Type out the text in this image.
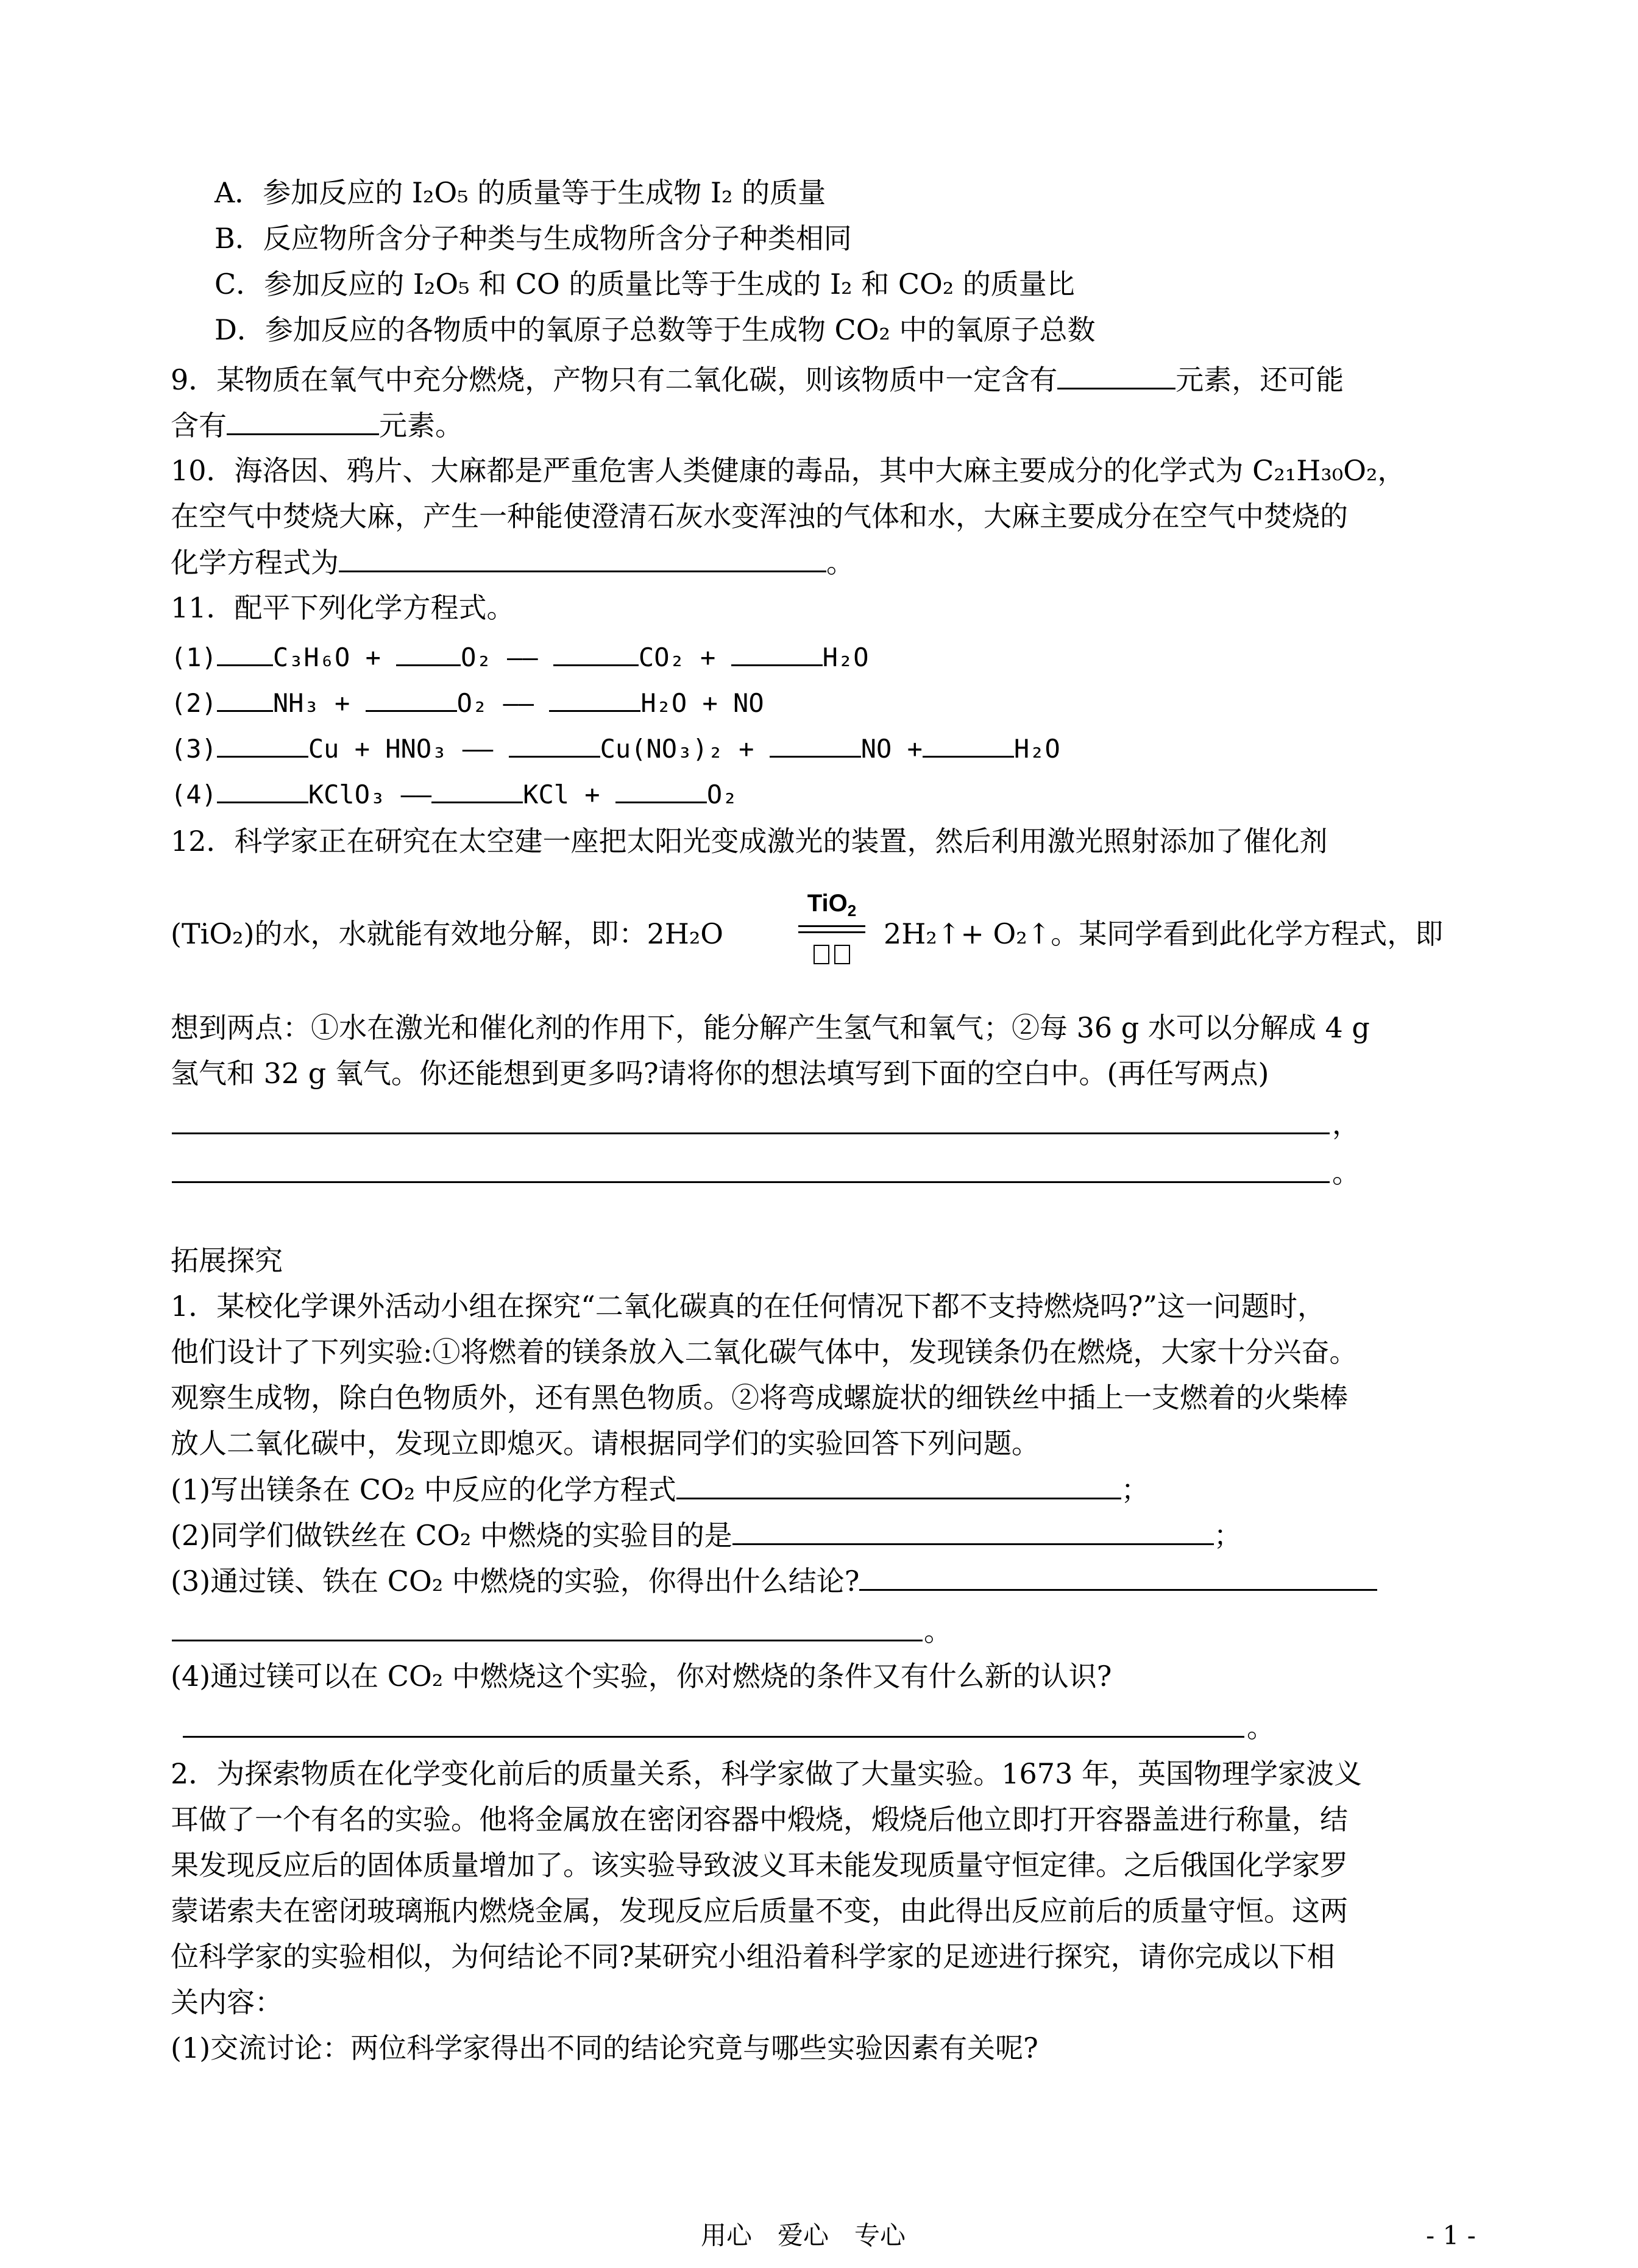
A．参加反应的 I₂O₅ 的质量等于生成物 I₂ 的质量
B．反应物所含分子种类与生成物所含分子种类相同
C．参加反应的 I₂O₅ 和 CO 的质量比等于生成的 I₂ 和 CO₂ 的质量比
D．参加反应的各物质中的氧原子总数等于生成物 CO₂ 中的氧原子总数
9．某物质在氧气中充分燃烧，产物只有二氧化碳，则该物质中一定含有	元素，还可能
含有	元素。
10．海洛因、鸦片、大麻都是严重危害人类健康的毒品，其中大麻主要成分的化学式为 C₂₁H₃₀O₂，
在空气中焚烧大麻，产生一种能使澄清石灰水变浑浊的气体和水，大麻主要成分在空气中焚烧的
化学方程式为	。
11．配平下列化学方程式。
(1) C₃H₆O +	O₂ ——	CO₂ +	H₂O
(2) NH₃ +	O₂ ——	H₂O + NO
(3)	Cu + HNO₃ ——	Cu(NO₃)₂ +	NO +	H₂O
(4)	KClO₃ ——	KCl +	O₂
12．科学家正在研究在太空建一座把太阳光变成激光的装置，然后利用激光照射添加了催化剂
(TiO₂)的水，水就能有效地分解，即：2H₂O
TiO$_2$
2H₂↑+ O₂↑。某同学看到此化学方程式，即
想到两点：①水在激光和催化剂的作用下，能分解产生氢气和氧气；②每 36 g 水可以分解成 4 g
氢气和 32 g 氧气。你还能想到更多吗?请将你的想法填写到下面的空白中。(再任写两点)
，
。
拓展探究
1．某校化学课外活动小组在探究“二氧化碳真的在任何情况下都不支持燃烧吗?”这一问题时，
他们设计了下列实验:①将燃着的镁条放入二氧化碳气体中，发现镁条仍在燃烧，大家十分兴奋。
观察生成物，除白色物质外，还有黑色物质。②将弯成螺旋状的细铁丝中插上一支燃着的火柴棒
放人二氧化碳中，发现立即熄灭。请根据同学们的实验回答下列问题。
(1)写出镁条在 CO₂ 中反应的化学方程式	；
(2)同学们做铁丝在 CO₂ 中燃烧的实验目的是	；
(3)通过镁、铁在 CO₂ 中燃烧的实验，你得出什么结论?
。
(4)通过镁可以在 CO₂ 中燃烧这个实验，你对燃烧的条件又有什么新的认识?
。
2．为探索物质在化学变化前后的质量关系，科学家做了大量实验。1673 年，英国物理学家波义
耳做了一个有名的实验。他将金属放在密闭容器中煅烧，煅烧后他立即打开容器盖进行称量，结
果发现反应后的固体质量增加了。该实验导致波义耳未能发现质量守恒定律。之后俄国化学家罗
蒙诺索夫在密闭玻璃瓶内燃烧金属，发现反应后质量不变，由此得出反应前后的质量守恒。这两
位科学家的实验相似，为何结论不同?某研究小组沿着科学家的足迹进行探究，请你完成以下相
关内容：
(1)交流讨论：两位科学家得出不同的结论究竟与哪些实验因素有关呢?
用心　爱心　专心	- 1 -
